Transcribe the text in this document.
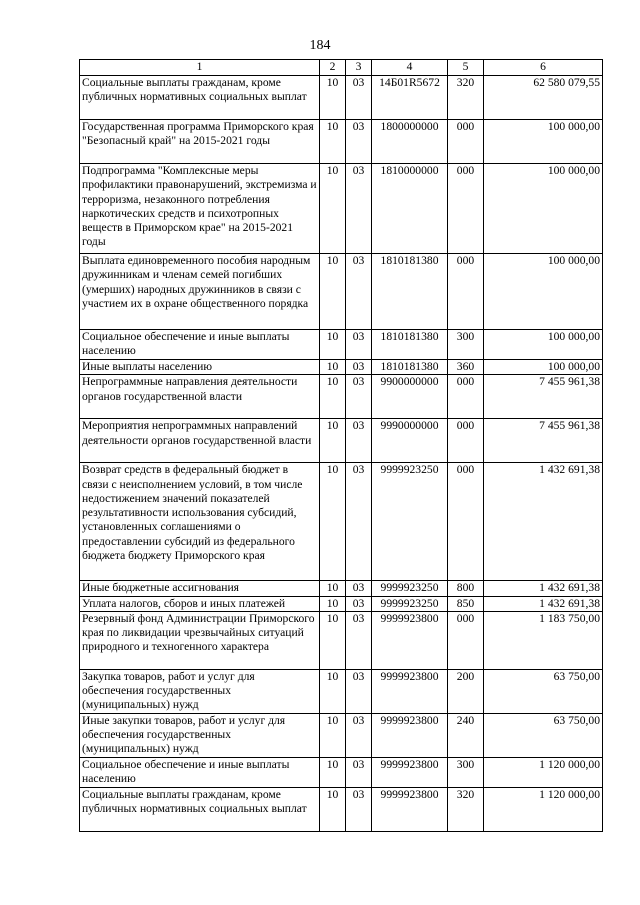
184
1	2	3	4	5	6
Социальные выплаты гражданам, кроме публичных нормативных социальных выплат	10	03	14Б01R5672	320	62 580 079,55
Государственная программа Приморского края "Безопасный край" на 2015-2021 годы	10	03	1800000000	000	100 000,00
Подпрограмма "Комплексные меры профилактики правонарушений, экстремизма и терроризма, незаконного потребления наркотических средств и психотропных веществ в Приморском крае" на 2015-2021 годы	10	03	1810000000	000	100 000,00
Выплата единовременного пособия народным дружинникам и членам семей погибших (умерших) народных дружинников в связи с участием их в охране общественного порядка	10	03	1810181380	000	100 000,00
Социальное обеспечение и иные выплаты населению	10	03	1810181380	300	100 000,00
Иные выплаты населению	10	03	1810181380	360	100 000,00
Непрограммные направления деятельности органов государственной власти	10	03	9900000000	000	7 455 961,38
Мероприятия непрограммных направлений деятельности органов государственной власти	10	03	9990000000	000	7 455 961,38
Возврат средств в федеральный бюджет в связи с неисполнением условий, в том числе недостижением значений показателей результативности использования субсидий, установленных соглашениями о предоставлении субсидий из федерального бюджета бюджету Приморского края	10	03	9999923250	000	1 432 691,38
Иные бюджетные ассигнования	10	03	9999923250	800	1 432 691,38
Уплата налогов, сборов и иных платежей	10	03	9999923250	850	1 432 691,38
Резервный фонд Администрации Приморского края по ликвидации чрезвычайных ситуаций природного и техногенного характера	10	03	9999923800	000	1 183 750,00
Закупка товаров, работ и услуг для обеспечения государственных (муниципальных) нужд	10	03	9999923800	200	63 750,00
Иные закупки товаров, работ и услуг для обеспечения государственных (муниципальных) нужд	10	03	9999923800	240	63 750,00
Социальное обеспечение и иные выплаты населению	10	03	9999923800	300	1 120 000,00
Социальные выплаты гражданам, кроме публичных нормативных социальных выплат	10	03	9999923800	320	1 120 000,00
